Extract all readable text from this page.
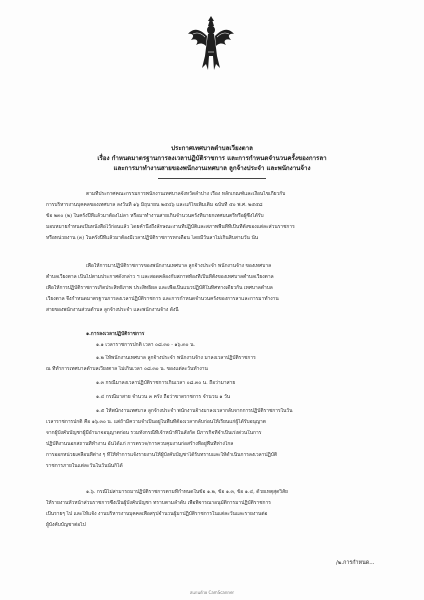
ประกาศเทศบาลตำบลเวียงตาล
เรื่อง กำหนดมาตรฐานการลงเวลาปฏิบัติราชการ และการกำหนดจำนวนครั้งของการลา
และการมาทำงานสายของพนักงานเทศบาล ลูกจ้างประจำ และพนักงานจ้าง
ตามที่ประกาศคณะกรรมการพนักงานเทศบาลจังหวัดลำปาง เรื่อง หลักเกณฑ์และเงื่อนไขเกี่ยวกับ
การบริหารงานบุคคลของเทศบาล ลงวันที่ ๑๖ มิถุนายน ๒๕๔๖ และแก้ไขเพิ่มเติม ฉบับที่ ๕๐ พ.ศ. ๒๕๕๘
ข้อ ๒๓๐ (๒) ในครั้งปีที่แล้วมาต้องไม่ลา หรือมาทำงานสายเกินจำนวนครั้งที่นายกเทศมนตรีหรือผู้ซึ่งได้รับ
มอบหมายกำหนดเป็นหนังสือไว้ก่อนแล้ว โดยคำนึงถึงลักษณะงานที่ปฏิบัติและสภาพพื้นที่ที่เป็นที่ตั้งของแต่ละส่วนราชการ
หรือหน่วยงาน (๓) ในครั้งปีที่แล้วมาต้องมีเวลาปฏิบัติราชการหกเดือน โดยมีวันลาไม่เกินสิบสามวัน นั้น
เพื่อให้การมาปฏิบัติราชการของพนักงานเทศบาล ลูกจ้างประจำ พนักงานจ้าง ของเทศบาล
ตำบลเวียงตาล เป็นไปตามประกาศดังกล่าว ฯ และสอดคล้องกับสภาพท้องที่เป็นที่ตั้งของเทศบาลตำบลเวียงตาล
เพื่อให้การปฏิบัติราชการเกิดประสิทธิภาพ ประสิทธิผล และเพื่อเป็นแนวปฏิบัติในทิศทางเดียวกัน เทศบาลตำบล
เวียงตาล จึงกำหนดมาตรฐานการลงเวลาปฏิบัติราชการ และการกำหนดจำนวนครั้งของการลาและการมาทำงาน
สายของพนักงานส่วนตำบล ลูกจ้างประจำ และพนักงานจ้าง ดังนี้
๑.การลงเวลาปฏิบัติราชการ
๑.๑ เวลาราชการปกติ เวลา ๐๘.๓๐ - ๑๖.๓๐ น.
๑.๒ ให้พนักงานเทศบาล ลูกจ้างประจำ พนักงานจ้าง มาลงเวลาปฏิบัติราชการ
ณ ที่ทำการเทศบาลตำบลเวียงตาล ไม่เกินเวลา ๐๘.๓๐ น. ของแต่ละวันทำงาน
๑.๓ กรณีมาลงเวลาปฏิบัติราชการเกินเวลา ๐๘.๓๐ น. ถือว่ามาสาย
๑.๔ กรณีมาสาย จำนวน ๓ ครั้ง ถือว่าขาดราชการ จำนวน ๑ วัน
๑.๕ ให้พนักงานเทศบาล ลูกจ้างประจำ พนักงานจ้างมาลงเวลากลับจากการปฏิบัติราชการในวัน
เวลาราชการปกติ คือ ๑๖.๓๐ น. แต่ถ้ามีความจำเป็นอยู่ในพื้นที่ต้องเวลากลับก่อนให้เรียนแก่ผู้ได้รับอนุญาต
จากผู้บังคับบัญชาผู้มีอำนาจอนุญาตก่อน รวมทั้งกรณีที่เจ้าหน้าที่ในสังกัด มีภารกิจที่จำเป็นเร่งด่วนในการ
ปฏิบัติงานนอกสถานที่ทำงาน อันได้แก่ การตรวจ/การควบคุมงานก่อสร้างที่อยู่พื้นที่ห่างไกล
การออกหน่วยเคลื่อนที่ต่าง ๆ ที่ให้ทำการแจ้งรายงานให้ผู้บังคับบัญชาได้รับทราบและให้ดำเนินการลงเวลาปฏิบัติ
ราชการภายในแต่ละวันในวันนั้นก็ได้
๑.๖. กรณีไม่สามารถมาปฏิบัติราชการตามที่กำหนดในข้อ ๑.๒, ข้อ ๑.๓, ข้อ ๑.๔, ด้วยเหตุสุดวิสัย
ให้รายงานหัวหน้าส่วนราชการซึ่งเป็นผู้บังคับบัญชา ทราบตามลำดับ เพื่อพิจารณาอนุมัติการมาปฏิบัติราชการ
เป็นรายๆ ไป และให้แจ้ง งานบริหารงานบุคคลเพื่อสรุปจำนวนผู้มาปฏิบัติราชการในแต่ละวันและรายงานต่อ
ผู้บังคับบัญชาต่อไป
/๒.การกำหนด...
สแกนด้วย CamScanner
